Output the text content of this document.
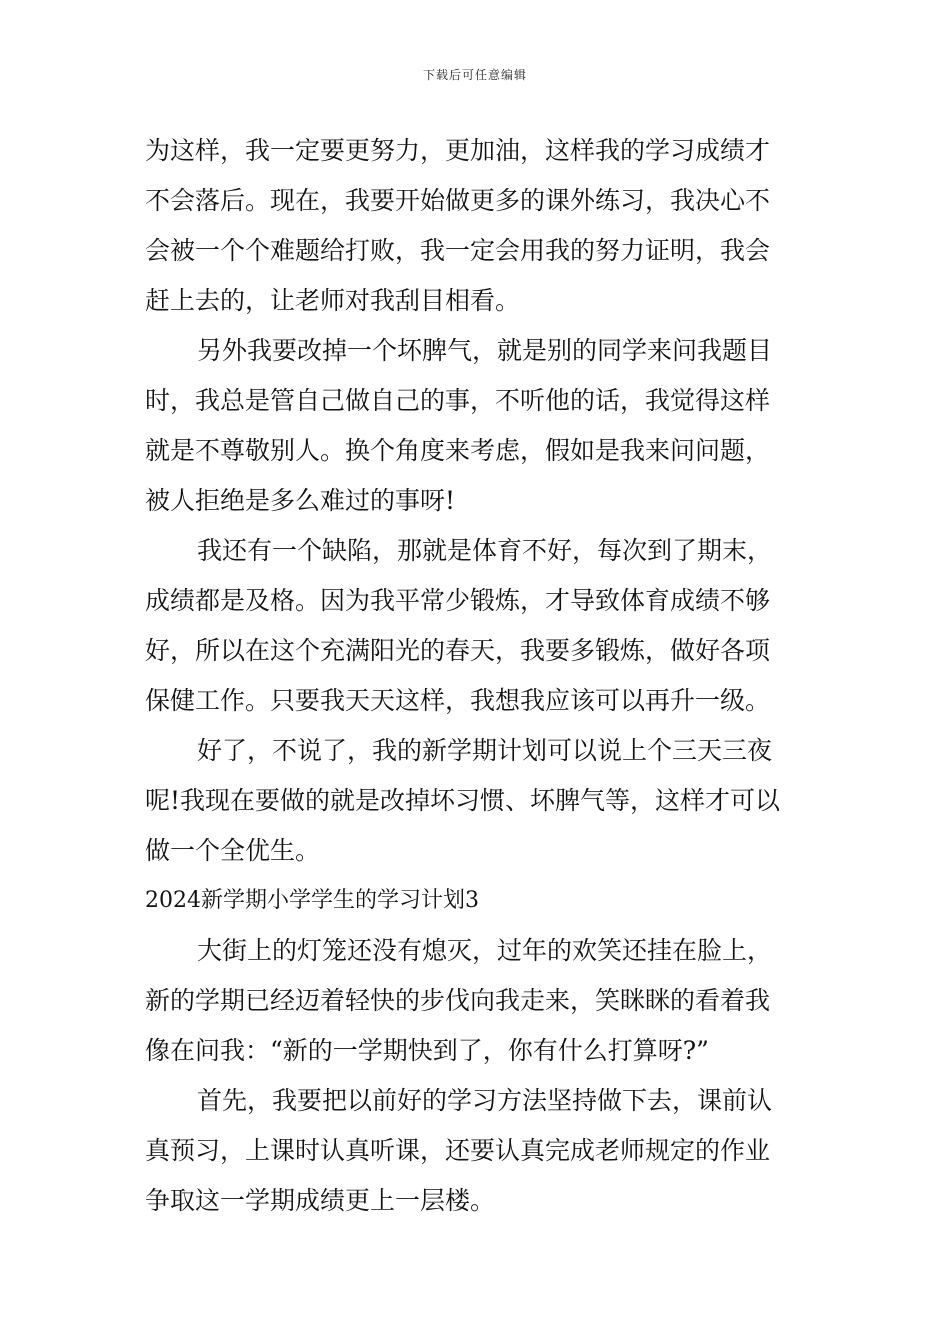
下载后可任意编辑
为这样，我一定要更努力，更加油，这样我的学习成绩才
不会落后。现在，我要开始做更多的课外练习，我决心不
会被一个个难题给打败，我一定会用我的努力证明，我会
赶上去的，让老师对我刮目相看。
另外我要改掉一个坏脾气，就是别的同学来问我题目
时，我总是管自己做自己的事，不听他的话，我觉得这样
就是不尊敬别人。换个角度来考虑，假如是我来问问题，
被人拒绝是多么难过的事呀!
我还有一个缺陷，那就是体育不好，每次到了期末，
成绩都是及格。因为我平常少锻炼，才导致体育成绩不够
好，所以在这个充满阳光的春天，我要多锻炼，做好各项
保健工作。只要我天天这样，我想我应该可以再升一级。
好了，不说了，我的新学期计划可以说上个三天三夜
呢!我现在要做的就是改掉坏习惯、坏脾气等，这样才可以
做一个全优生。
2024新学期小学学生的学习计划3
大街上的灯笼还没有熄灭，过年的欢笑还挂在脸上，
新的学期已经迈着轻快的步伐向我走来，笑眯眯的看着我
像在问我：“新的一学期快到了，你有什么打算呀?”
首先，我要把以前好的学习方法坚持做下去，课前认
真预习，上课时认真听课，还要认真完成老师规定的作业
争取这一学期成绩更上一层楼。
